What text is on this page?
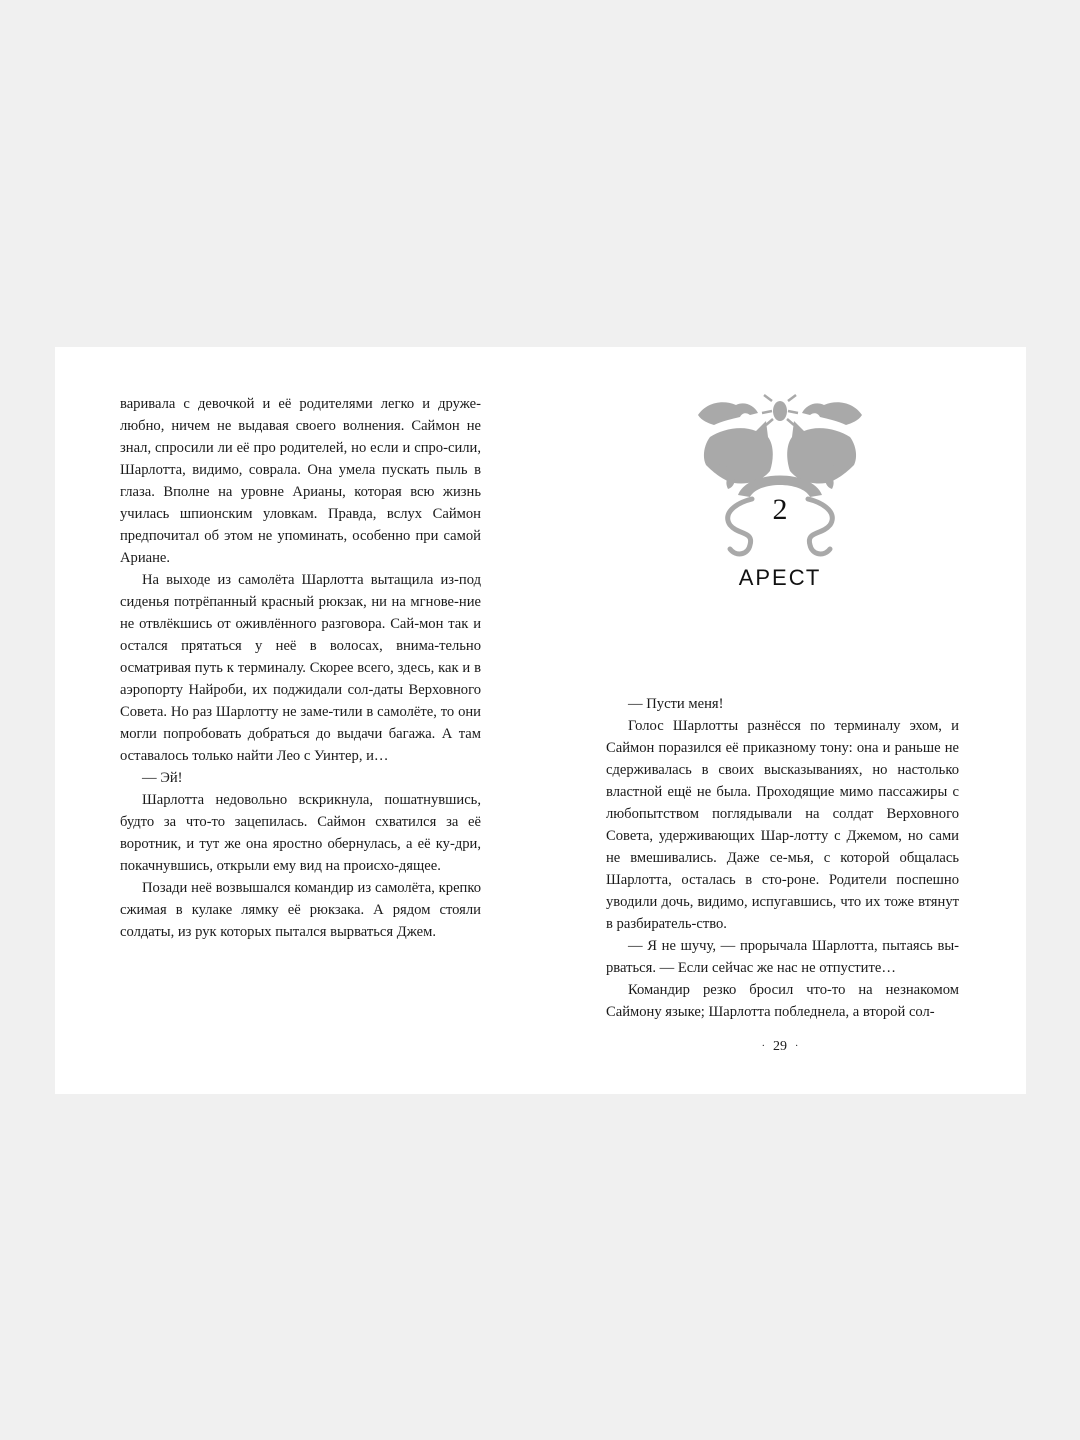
варивала с девочкой и её родителями легко и друже-любно, ничем не выдавая своего волнения. Саймон не знал, спросили ли её про родителей, но если и спро-сили, Шарлотта, видимо, соврала. Она умела пускать пыль в глаза. Вполне на уровне Арианы, которая всю жизнь училась шпионским уловкам. Правда, вслух Саймон предпочитал об этом не упоминать, особенно при самой Ариане.

На выходе из самолёта Шарлотта вытащила из-под сиденья потрёпанный красный рюкзак, ни на мгнове-ние не отвлёкшись от оживлённого разговора. Сай-мон так и остался прятаться у неё в волосах, внима-тельно осматривая путь к терминалу. Скорее всего, здесь, как и в аэропорту Найроби, их поджидали сол-даты Верховного Совета. Но раз Шарлотту не заме-тили в самолёте, то они могли попробовать добраться до выдачи багажа. А там оставалось только найти Лео с Уинтер, и…

— Эй!

Шарлотта недовольно вскрикнула, пошатнувшись, будто за что-то зацепилась. Саймон схватился за её воротник, и тут же она яростно обернулась, а её ку-дри, покачнувшись, открыли ему вид на происхо-дящее.

Позади неё возвышался командир из самолёта, крепко сжимая в кулаке лямку её рюкзака. А рядом стояли солдаты, из рук которых пытался вырваться Джем.

2
АРЕСТ

— Пусти меня!

Голос Шарлотты разнёсся по терминалу эхом, и Саймон поразился её приказному тону: она и раньше не сдерживалась в своих высказываниях, но настолько властной ещё не была. Проходящие мимо пассажиры с любопытством поглядывали на солдат Верховного Совета, удерживающих Шар-лотту с Джемом, но сами не вмешивались. Даже се-мья, с которой общалась Шарлотта, осталась в сто-роне. Родители поспешно уводили дочь, видимо, испугавшись, что их тоже втянут в разбиратель-ство.

— Я не шучу, — прорычала Шарлотта, пытаясь вы-рваться. — Если сейчас же нас не отпустите…

Командир резко бросил что-то на незнакомом Саймону языке; Шарлотта побледнела, а второй сол-

· 29 ·
